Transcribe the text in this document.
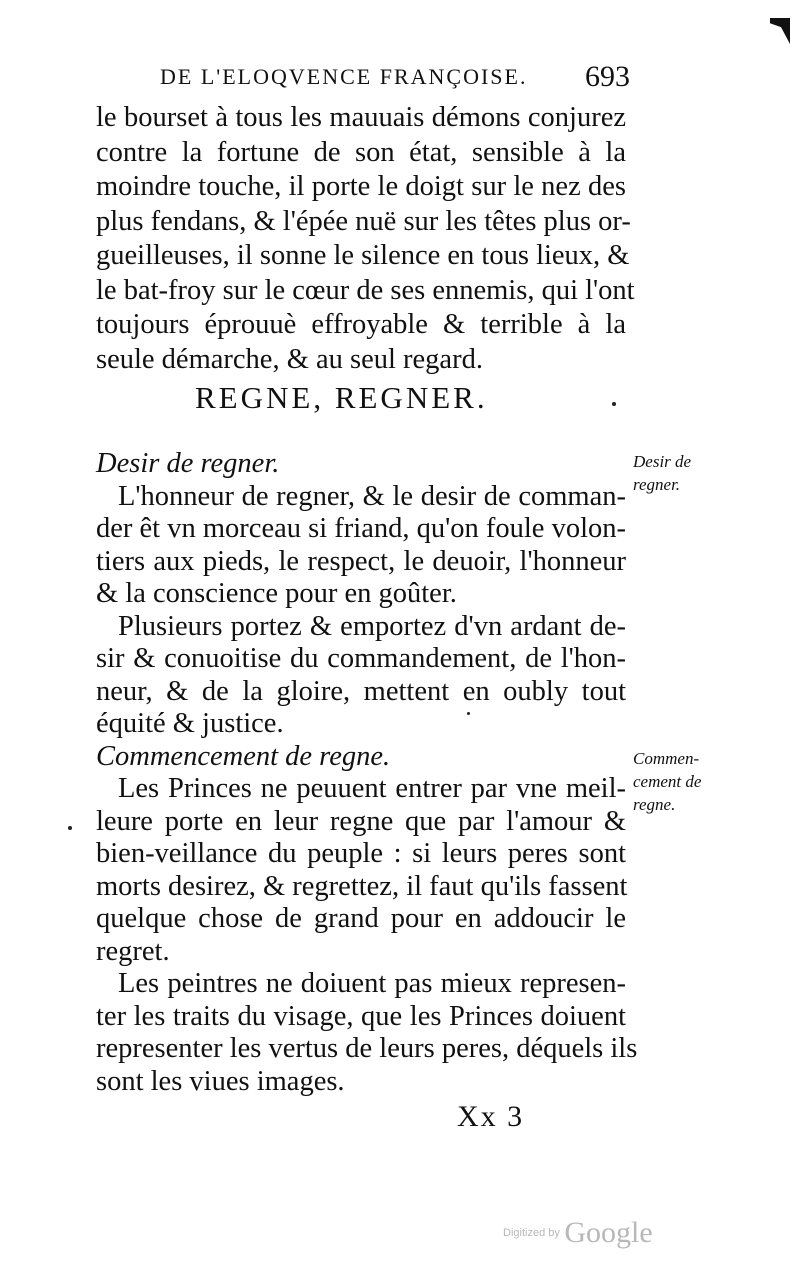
DE L'ELOQVENCE FRANÇOISE. 693
le bourset à tous les mauuais démons conjurez
contre la fortune de son état, sensible à la
moindre touche, il porte le doigt sur le nez des
plus fendans, & l'épée nuë sur les têtes plus or-
gueilleuses, il sonne le silence en tous lieux, &
le bat-froy sur le cœur de ses ennemis, qui l'ont
toujours éprouuè effroyable & terrible à la
seule démarche, & au seul regard.
REGNE, REGNER.
Desir de regner.
L'honneur de regner, & le desir de comman-
der êt vn morceau si friand, qu'on foule volon-
tiers aux pieds, le respect, le deuoir, l'honneur
& la conscience pour en goûter.
Plusieurs portez & emportez d'vn ardant de-
sir & conuoitise du commandement, de l'hon-
neur, & de la gloire, mettent en oubly tout
équité & justice.
Commencement de regne.
Les Princes ne peuuent entrer par vne meil-
leure porte en leur regne que par l'amour &
bien-veillance du peuple : si leurs peres sont
morts desirez, & regrettez, il faut qu'ils fassent
quelque chose de grand pour en addoucir le
regret.
Les peintres ne doiuent pas mieux represen-
ter les traits du visage, que les Princes doiuent
representer les vertus de leurs peres, déquels ils
sont les viues images.
Desir de
regner.
Commen-
cement de
regne.
Xx 3
Digitized by Google
